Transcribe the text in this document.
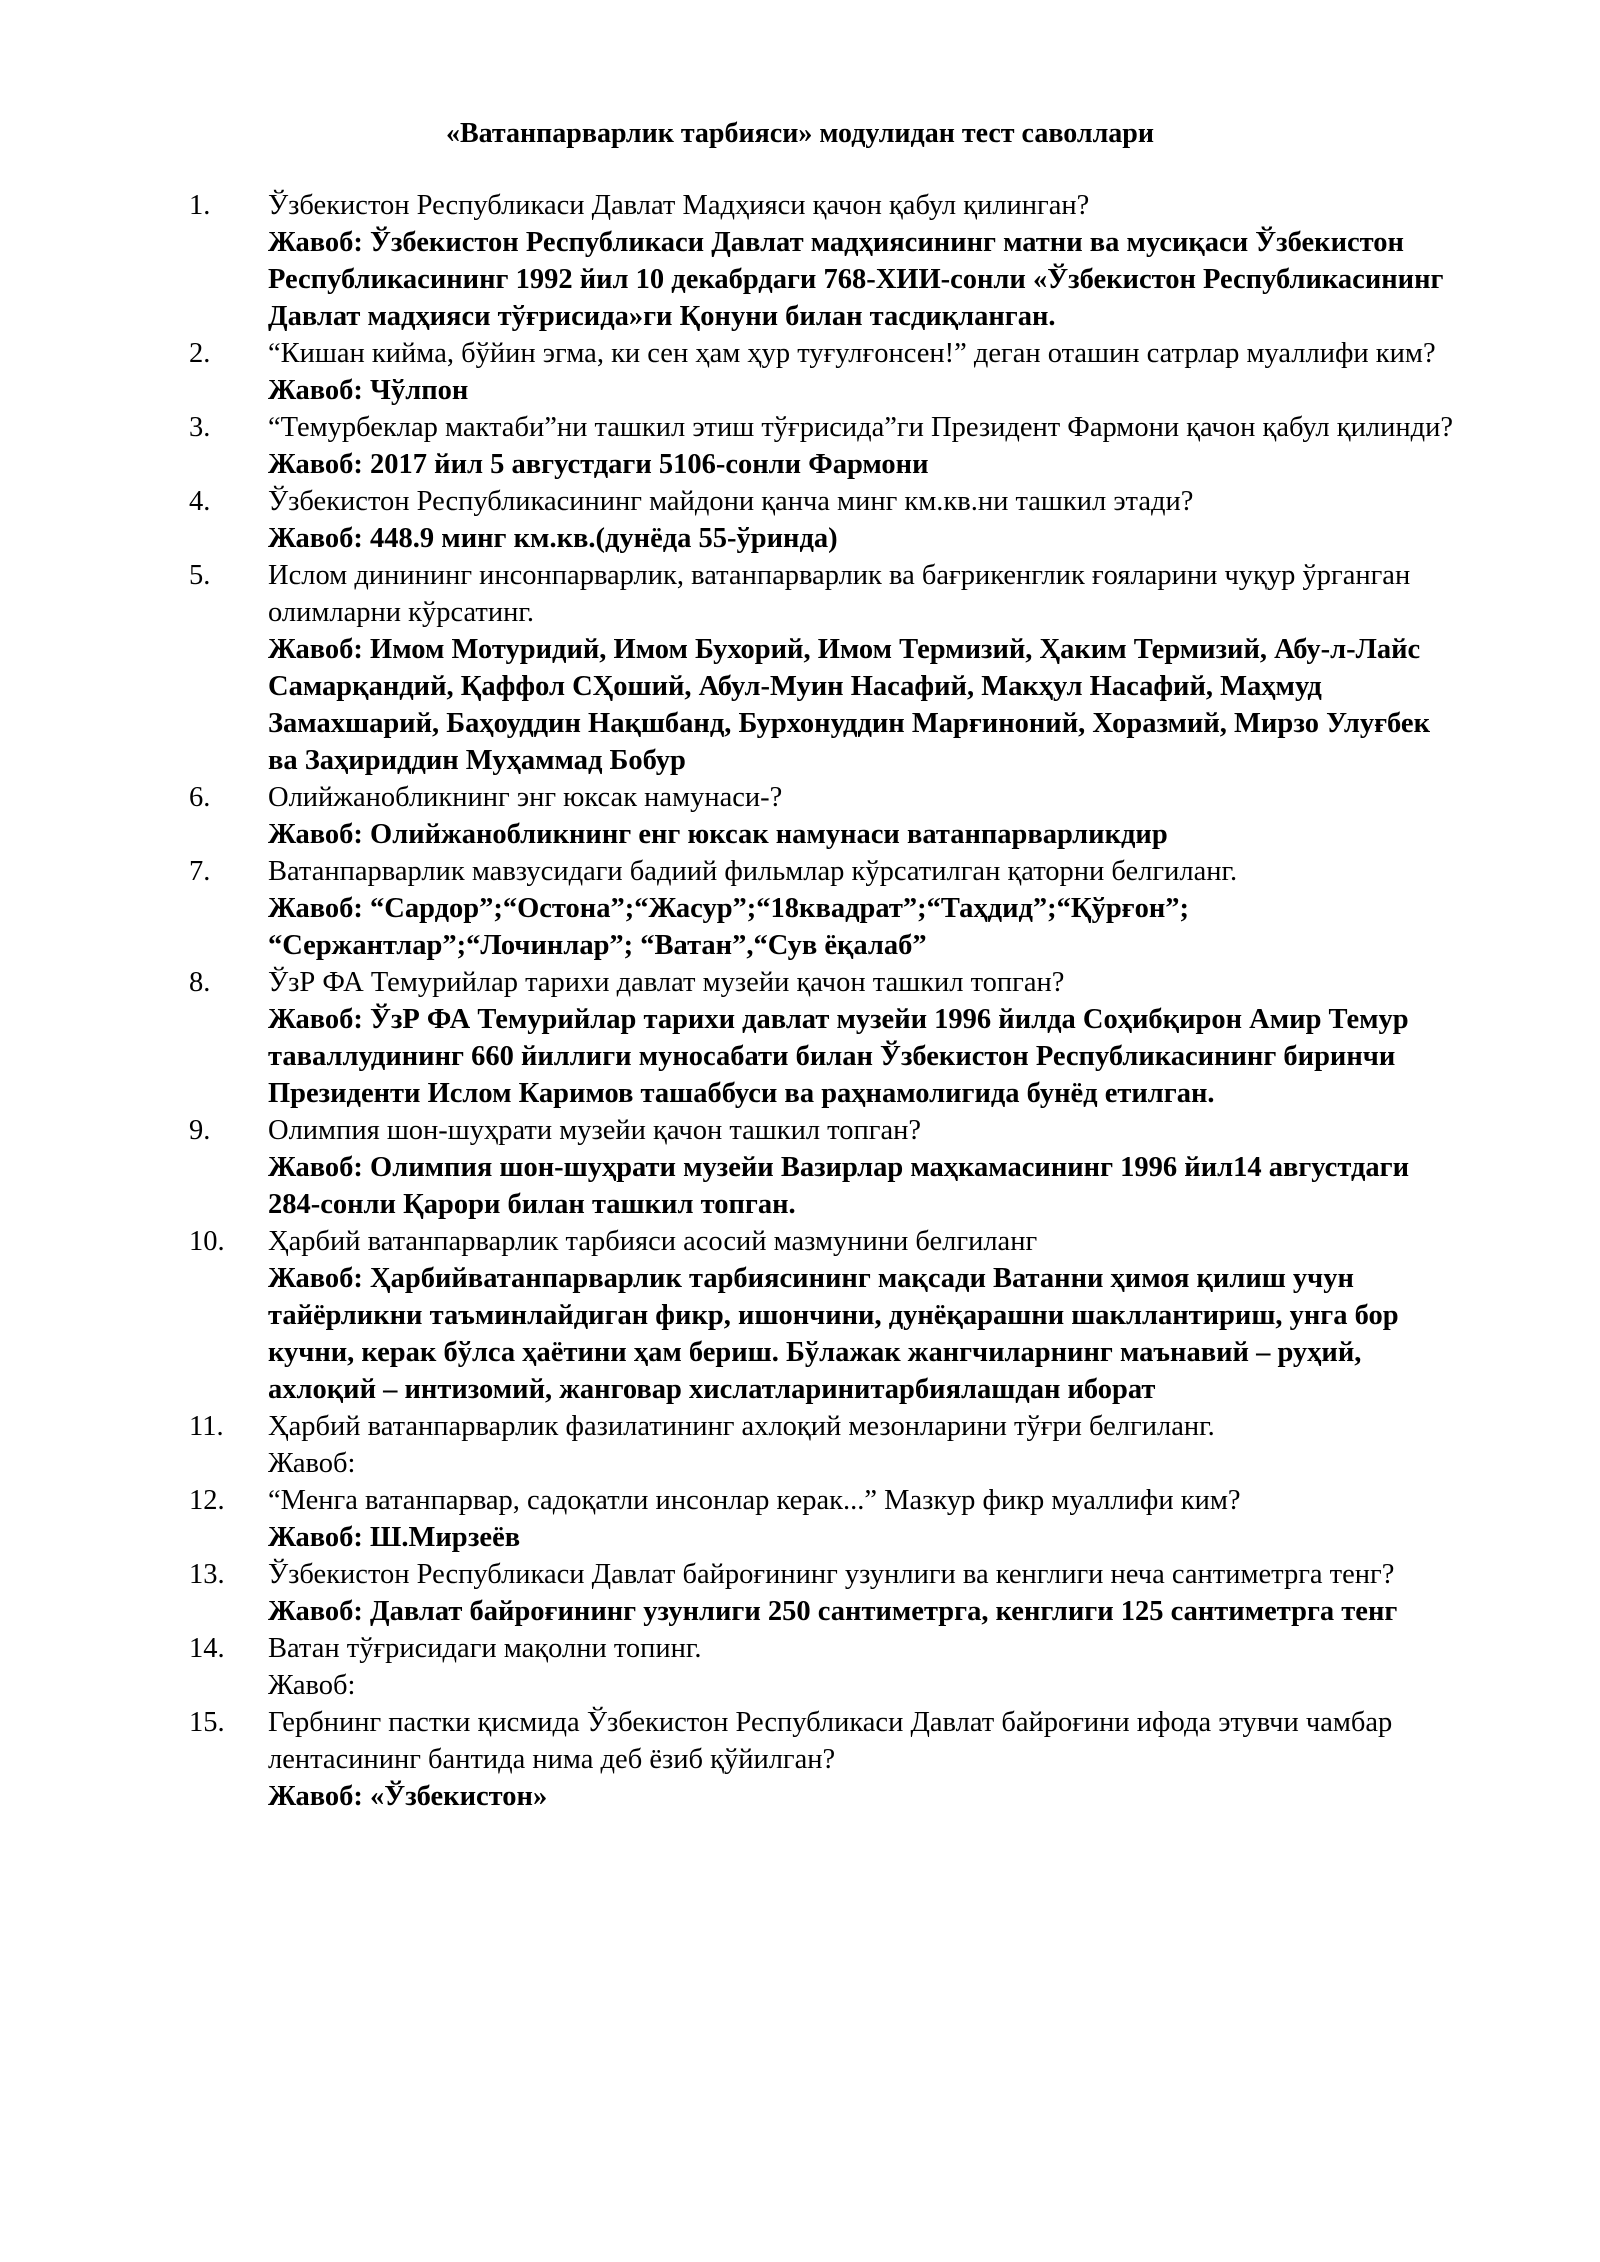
«Ватанпарварлик тарбияси» модулидан тест саволлари
1.	Ўзбекистон Республикаси Давлат Мадҳияси қачон қабул қилинган?
Жавоб: Ўзбекистон Республикаси Давлат мадҳиясининг матни ва мусиқаси Ўзбекистон Республикасининг 1992 йил 10 декабрдаги 768-ХИИ-сонли «Ўзбекистон Республикасининг Давлат мадҳияси тўғрисида»ги Қонуни билан тасдиқланган.
2.	“Кишан киймa, бўйин эгма, ки сен ҳам ҳур туғулғонсен!” деган оташин сатрлар муаллифи ким?
Жавоб: Чўлпон
3.	“Темурбеклар мактаби”ни ташкил этиш тўғрисида”ги Президент Фармони қачон қабул қилинди?
Жавоб: 2017 йил 5 августдаги 5106-сонли Фармони
4.	Ўзбекистон Республикасининг майдони қанча минг км.кв.ни ташкил этади?
Жавоб: 448.9 минг км.кв.(дунёда 55-ўринда)
5.	Ислом динининг инсонпарварлик, ватанпарварлик ва бағрикенглик ғояларини чуқур ўрганган олимларни кўрсатинг.
Жавоб: Имом Мотуридий, Имом Бухорий, Имом Термизий, Ҳаким Термизий, Абу-л-Лайс Самарқандий, Қаффол СҲоший, Абул-Муин Насафий, Макҳул Насафий, Маҳмуд Замахшарий, Баҳоуддин Нақшбанд, Бурхонуддин Марғиноний, Хоразмий, Мирзо Улуғбек ва Заҳириддин Муҳаммад Бобур
6.	Олийжанобликнинг энг юксак намунаси-?
Жавоб: Олийжанобликнинг енг юксак намунаси ватанпарварликдир
7.	Ватанпарварлик мавзусидаги бадиий фильмлар кўрсатилган қаторни белгиланг.
Жавоб: “Сардор”;“Остона”;“Жасур”;“18квадрат”;“Таҳдид”;“Қўрғон”; “Сержантлар”;“Лочинлар”; “Ватан”,“Сув ёқалаб”
8.	ЎзР ФА Темурийлар тарихи давлат музейи қачон ташкил топган?
Жавоб: ЎзР ФА Темурийлар тарихи давлат музейи 1996 йилда Соҳибқирон Амир Темур таваллудининг 660 йиллиги муносабати билан Ўзбекистон Республикасининг биринчи Президенти Ислом Каримов ташаббуси ва раҳнамолигида бунёд етилган.
9.	Олимпия шон-шуҳрати музейи қачон ташкил топган?
Жавоб: Олимпия шон-шуҳрати музейи Вазирлар маҳкамасининг 1996 йил14 августдаги 284-сонли Қарори билан ташкил топган.
10.	Ҳарбий ватанпарварлик тарбияси асосий мазмунини белгиланг
Жавоб: Ҳарбийватанпарварлик тарбиясининг мақсади Ватанни ҳимоя қилиш учун тайёрликни таъминлайдиган фикр, ишончини, дунёқарашни шакллантириш, унга бор кучни, керак бўлса ҳаётини ҳам бериш. Бўлажак жангчиларнинг маънавий – руҳий, ахлоқий – интизомий, жанговар хислатларинитарбиялашдан иборат
11.	Ҳарбий ватанпарварлик фазилатининг ахлоқий мезонларини тўғри белгиланг.
Жавоб:
12.	“Менга ватанпарвар, садоқатли инсонлар керак...” Мазкур фикр муаллифи ким?
Жавоб: Ш.Мирзеёв
13.	Ўзбекистон Республикаси Давлат байроғининг узунлиги ва кенглиги неча сантиметрга тенг?
Жавоб: Давлат байроғининг узунлиги 250 сантиметрга, кенглиги 125 сантиметрга тенг
14.	Ватан тўғрисидаги мақолни топинг.
Жавоб:
15.	Гербнинг пастки қисмида Ўзбекистон Республикаси Давлат байроғини ифода этувчи чамбар лентасининг бантида нима деб ёзиб қўйилган?
Жавоб: «Ўзбекистон»
